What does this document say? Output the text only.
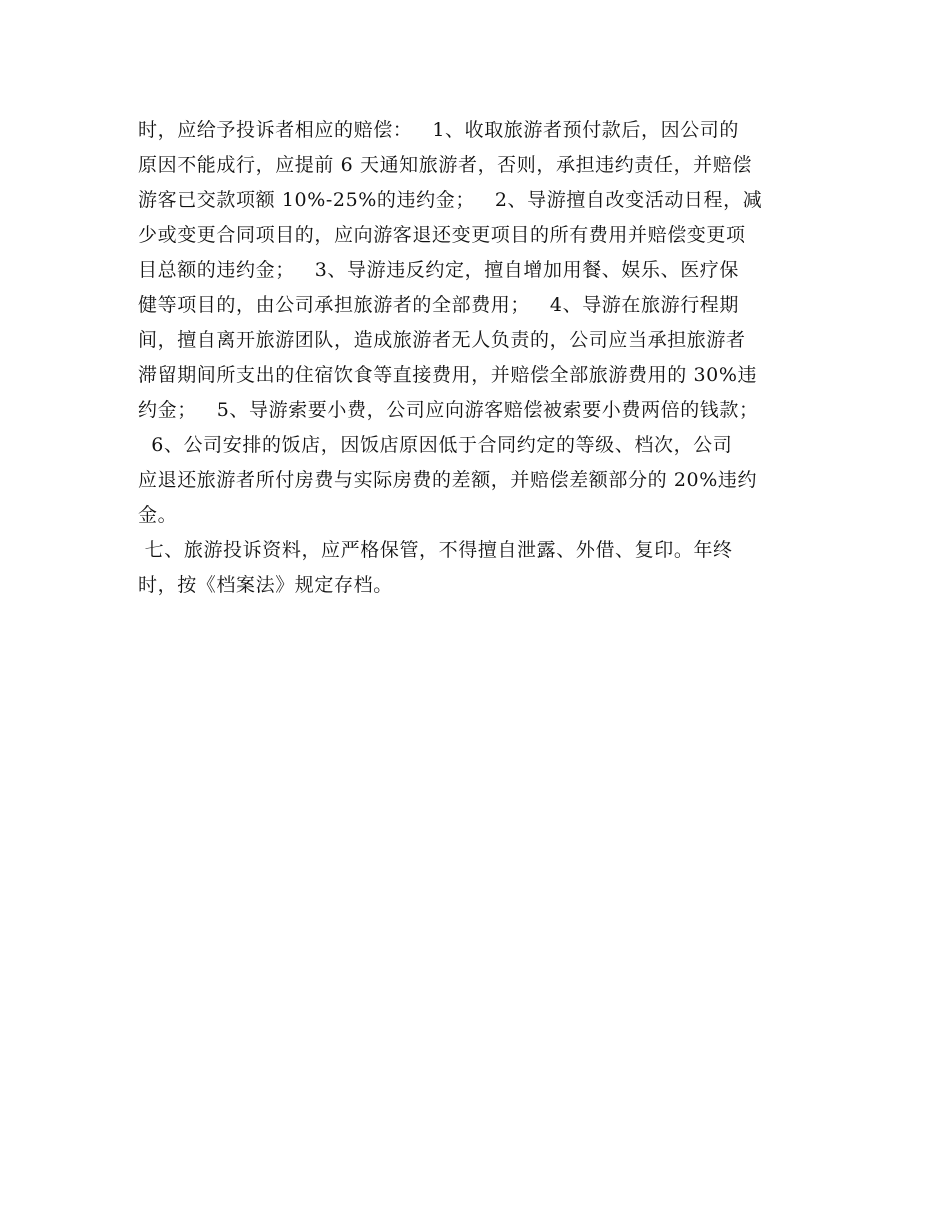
时，应给予投诉者相应的赔偿：   1、收取旅游者预付款后，因公司的
原因不能成行，应提前 6 天通知旅游者，否则，承担违约责任，并赔偿
游客已交款项额 10%-25%的违约金；   2、导游擅自改变活动日程，减
少或变更合同项目的，应向游客退还变更项目的所有费用并赔偿变更项
目总额的违约金；   3、导游违反约定，擅自增加用餐、娱乐、医疗保
健等项目的，由公司承担旅游者的全部费用；   4、导游在旅游行程期
间，擅自离开旅游团队，造成旅游者无人负责的，公司应当承担旅游者
滞留期间所支出的住宿饮食等直接费用，并赔偿全部旅游费用的 30%违
约金；   5、导游索要小费，公司应向游客赔偿被索要小费两倍的钱款；
6、公司安排的饭店，因饭店原因低于合同约定的等级、档次，公司
应退还旅游者所付房费与实际房费的差额，并赔偿差额部分的 20%违约
金。
七、旅游投诉资料，应严格保管，不得擅自泄露、外借、复印。年终
时，按《档案法》规定存档。
